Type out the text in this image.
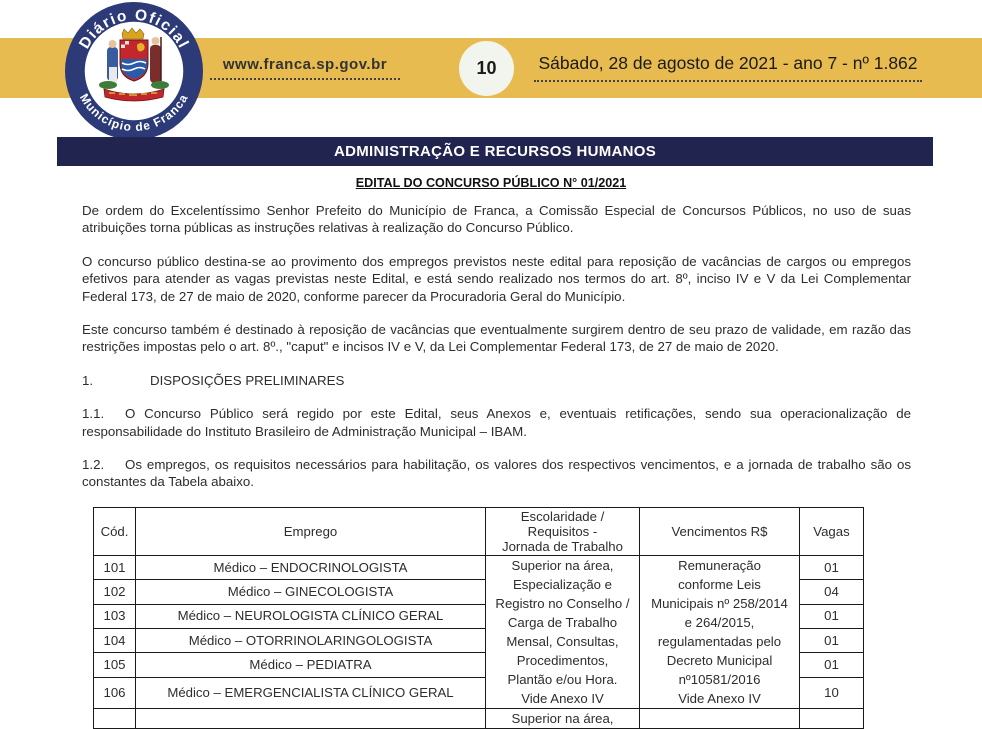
Diário Oficial
Município de Franca
www.franca.sp.gov.br	10 Sábado, 28 de agosto de 2021 - ano 7 - nº 1.862
ADMINISTRAÇÃO E RECURSOS HUMANOS
EDITAL DO CONCURSO PÚBLICO N° 01/2021

De ordem do Excelentíssimo Senhor Prefeito do Município de Franca, a Comissão Especial de Concursos Públicos, no uso de suas atribuições torna públicas as instruções relativas à realização do Concurso Público.

O concurso público destina-se ao provimento dos empregos previstos neste edital para reposição de vacâncias de cargos ou empregos efetivos para atender as vagas previstas neste Edital, e está sendo realizado nos termos do art. 8º, inciso IV e V da Lei Complementar Federal 173, de 27 de maio de 2020, conforme parecer da Procuradoria Geral do Município.

Este concurso também é destinado à reposição de vacâncias que eventualmente surgirem dentro de seu prazo de validade, em razão das restrições impostas pelo o art. 8º., "caput" e incisos IV e V, da Lei Complementar Federal 173, de 27 de maio de 2020.

1.	DISPOSIÇÕES PRELIMINARES

1.1. O Concurso Público será regido por este Edital, seus Anexos e, eventuais retificações, sendo sua operacionalização de responsabilidade do Instituto Brasileiro de Administração Municipal – IBAM.

1.2. Os empregos, os requisitos necessários para habilitação, os valores dos respectivos vencimentos, e a jornada de trabalho são os constantes da Tabela abaixo.

Cód.	Emprego	Escolaridade /
Requisitos -
Jornada de Trabalho	Vencimentos R$	Vagas
101	Médico – ENDOCRINOLOGISTA	Superior na área,
Especialização e
Registro no Conselho /
Carga de Trabalho
Mensal, Consultas,
Procedimentos,
Plantão e/ou Hora.
Vide Anexo IV

Remuneração
conforme Leis
Municipais nº 258/2014
e 264/2015,
regulamentadas pelo
Decreto Municipal
nº10581/2016
Vide Anexo IV
	01
102	Médico – GINECOLOGISTA			04
103	Médico – NEUROLOGISTA CLÍNICO GERAL			01
104	Médico – OTORRINOLARINGOLOGISTA			01
105	Médico – PEDIATRA			01
106	Médico – EMERGENCIALISTA CLÍNICO GERAL			10
		Superior na área,		
